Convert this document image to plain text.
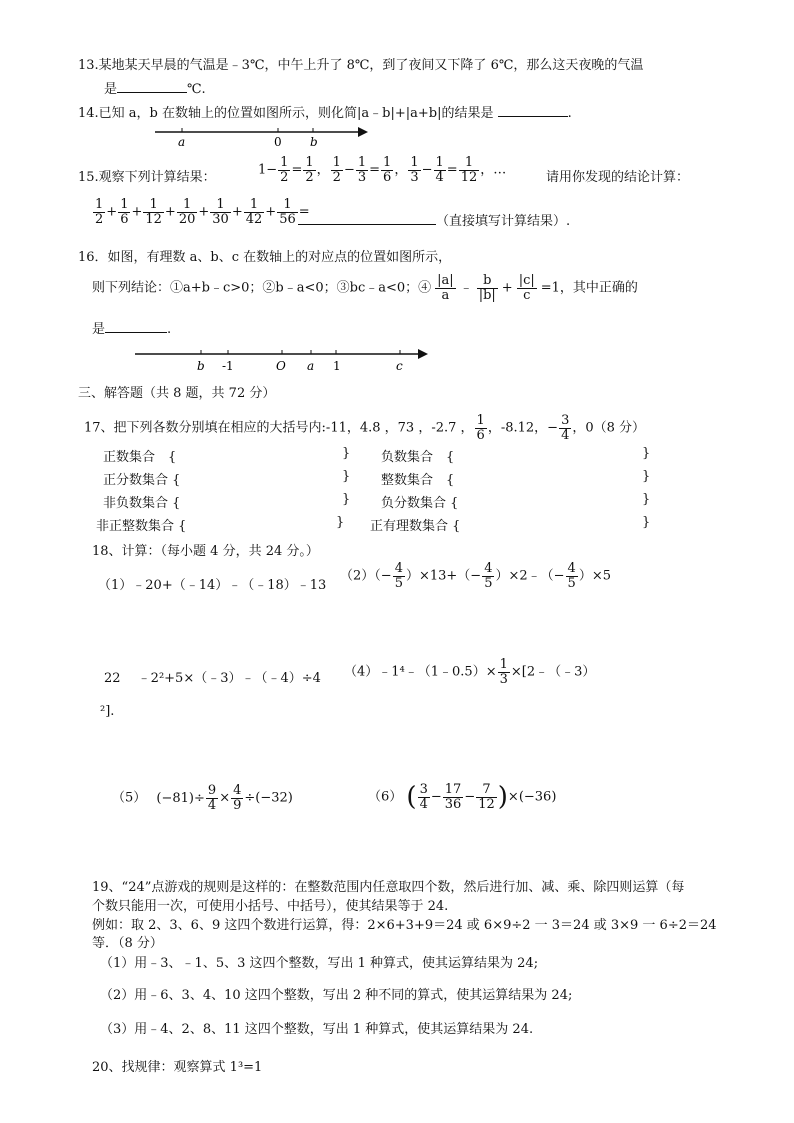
13.某地某天早晨的气温是﹣3℃，中午上升了 8℃，到了夜间又下降了 6℃，那么这天夜晚的气温
是	℃.
14.已知 a，b 在数轴上的位置如图所示，则化简|a﹣b|+|a+b|的结果是	.
a	0 b
15.观察下列计算结果：	$1- \frac{1}{2} = \frac{1}{2}$ ， $\frac{1}{2} - \frac{1}{3} = \frac{1}{6}$ ， $\frac{1}{3} - \frac{1}{4} = \frac{1}{12}$ ，…	请用你发现的结论计算：
$\frac{1}{2} + \frac{1}{6} + \frac{1}{12} + \frac{1}{20} + \frac{1}{30} + \frac{1}{42} + \frac{1}{56}$ =
（直接填写计算结果）.
16．如图，有理数 a、b、c 在数轴上的对应点的位置如图所示，
则下列结论：①a+b﹣c>0；②b﹣a<0；③bc﹣a<0；④ $\frac{|a|}{a}$ ﹣ $\frac{b}{|b|} + \frac{|c|}{c} =1$，其中正确的
是	.
b -1	O a 1	c
三、解答题（共 8 题，共 72 分）
17、把下列各数分别填在相应的大括号内:-11，4.8 ，73 ，-2.7 ， $\frac{1}{6}$ ，-8.12，− $\frac{3}{4}$ ，0（8 分）
正数集合　{	} 负数集合　{	}
正分数集合 {	} 整数集合　{	}
非负数集合 {	} 负分数集合 {	}
非正整数集合 {	} 正有理数集合 {	}
18、计算：（每小题 4 分，共 24 分。）
（1）﹣20+（﹣14）﹣（﹣18）﹣13
$(2)(- \frac{4}{5} )\times 13+(- \frac{4}{5}$ ）×2﹣（− $\frac{4}{5} )\times 5$
22　 ﹣2²+5×（﹣3）﹣（﹣4）÷4 （4）﹣1⁴﹣（1﹣0.5）× $\frac{1}{3}$ ×[2﹣（﹣3）
²].
（5） $(-81)\div \frac{9}{4} \times \frac{4}{9} \div(-32)$	（6） ( $\frac{3}{4} - \frac{17}{36} - \frac{7}{12} )\times(-36)$
19、“24”点游戏的规则是这样的：在整数范围内任意取四个数，然后进行加、减、乘、除四则运算（每
个数只能用一次，可使用小括号、中括号），使其结果等于 24.
例如：取 2、3、6、9 这四个数进行运算，得：2×6+3+9＝24 或 6×9÷2 一 3＝24 或 3×9 一 6÷2＝24
等．（8 分）
（1）用﹣3、﹣1、5、3 这四个整数，写出 1 种算式，使其运算结果为 24;
（2）用﹣6、3、4、10 这四个整数，写出 2 种不同的算式，使其运算结果为 24;
（3）用﹣4、2、8、11 这四个整数，写出 1 种算式，使其运算结果为 24.
20、找规律：观察算式 1³=1
